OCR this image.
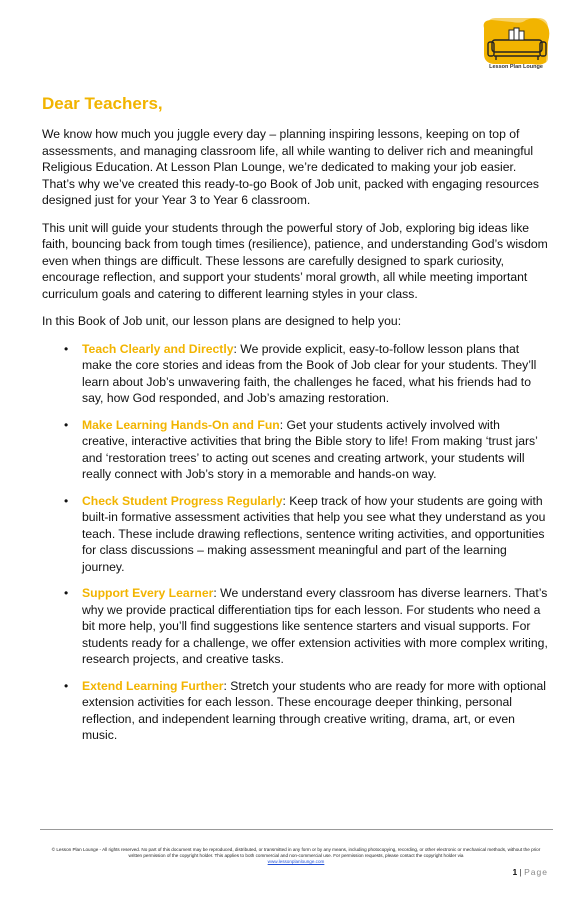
Lesson Plan Lounge
Dear Teachers,

We know how much you juggle every day – planning inspiring lessons, keeping on top of assessments, and managing classroom life, all while wanting to deliver rich and meaningful Religious Education. At Lesson Plan Lounge, we’re dedicated to making your job easier. That’s why we’ve created this ready-to-go Book of Job unit, packed with engaging resources designed just for your Year 3 to Year 6 classroom.

This unit will guide your students through the powerful story of Job, exploring big ideas like faith, bouncing back from tough times (resilience), patience, and understanding God’s wisdom even when things are difficult. These lessons are carefully designed to spark curiosity, encourage reflection, and support your students’ moral growth, all while meeting important curriculum goals and catering to different learning styles in your class.

In this Book of Job unit, our lesson plans are designed to help you:

• Teach Clearly and Directly: We provide explicit, easy-to-follow lesson plans that make the core stories and ideas from the Book of Job clear for your students. They’ll learn about Job’s unwavering faith, the challenges he faced, what his friends had to say, how God responded, and Job’s amazing restoration.
• Make Learning Hands-On and Fun: Get your students actively involved with creative, interactive activities that bring the Bible story to life! From making ‘trust jars’ and ‘restoration trees’ to acting out scenes and creating artwork, your students will really connect with Job’s story in a memorable and hands-on way.
• Check Student Progress Regularly: Keep track of how your students are going with built-in formative assessment activities that help you see what they understand as you teach. These include drawing reflections, sentence writing activities, and opportunities for class discussions – making assessment meaningful and part of the learning journey.
• Support Every Learner: We understand every classroom has diverse learners. That’s why we provide practical differentiation tips for each lesson. For students who need a bit more help, you’ll find suggestions like sentence starters and visual supports. For students ready for a challenge, we offer extension activities with more complex writing, research projects, and creative tasks.
• Extend Learning Further: Stretch your students who are ready for more with optional extension activities for each lesson. These encourage deeper thinking, personal reflection, and independent learning through creative writing, drama, art, or even music.
© Lesson Plan Lounge - All rights reserved. No part of this document may be reproduced, distributed, or transmitted in any form or by any means, including photocopying, recording, or other electronic or mechanical methods, without the prior written permission of the copyright holder. This applies to both commercial and non-commercial use. For permission requests, please contact the copyright holder via
www.lessonplanlounge.com
1 | Page
